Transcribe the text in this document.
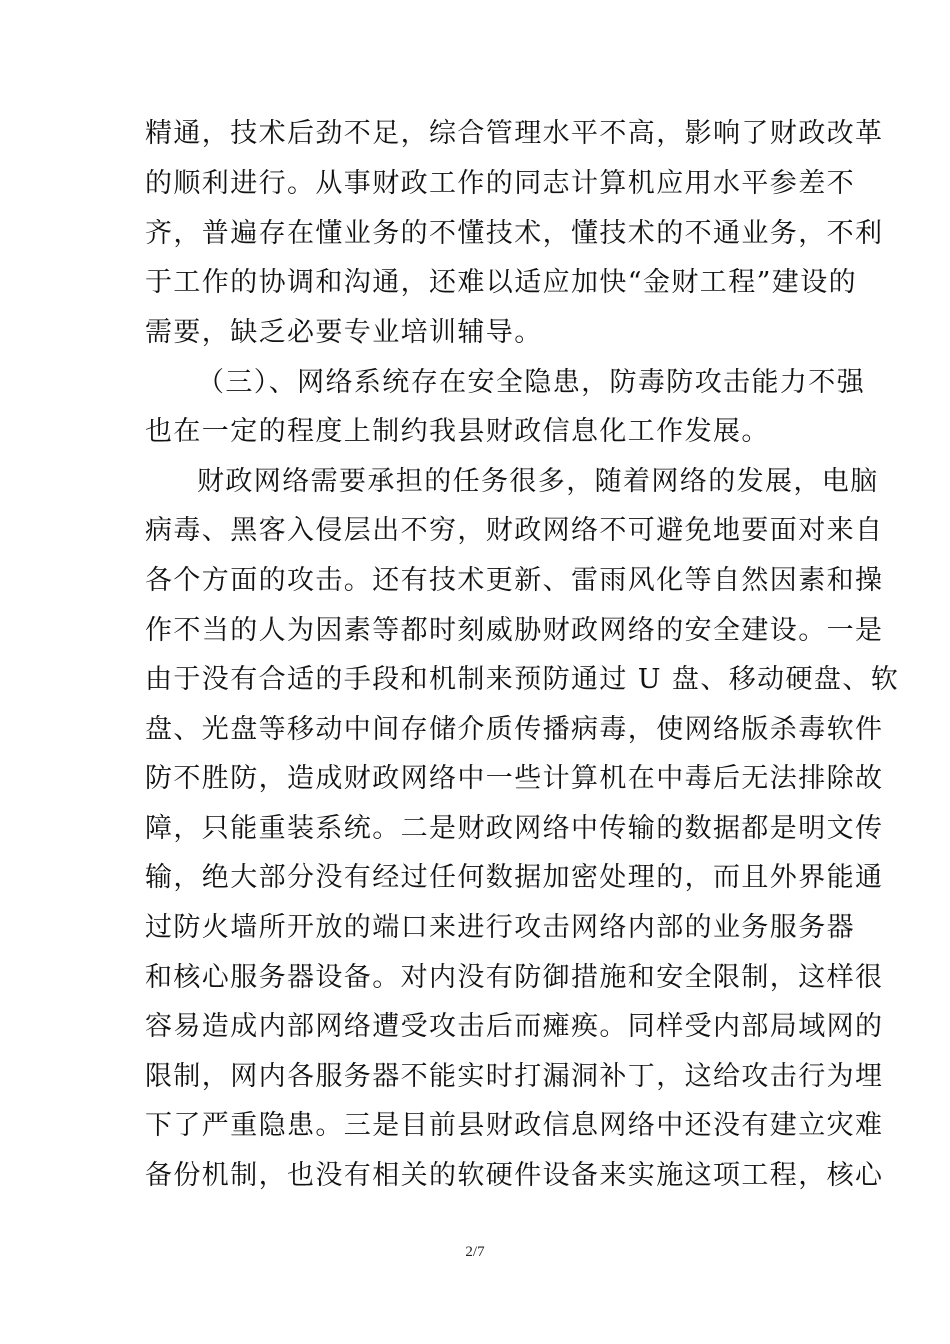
精通，技术后劲不足，综合管理水平不高，影响了财政改革
的顺利进行。从事财政工作的同志计算机应用水平参差不
齐，普遍存在懂业务的不懂技术，懂技术的不通业务，不利
于工作的协调和沟通，还难以适应加快“金财工程”建设的
需要，缺乏必要专业培训辅导。
（三）、网络系统存在安全隐患，防毒防攻击能力不强
也在一定的程度上制约我县财政信息化工作发展。
财政网络需要承担的任务很多，随着网络的发展，电脑
病毒、黑客入侵层出不穷，财政网络不可避免地要面对来自
各个方面的攻击。还有技术更新、雷雨风化等自然因素和操
作不当的人为因素等都时刻威胁财政网络的安全建设。一是
由于没有合适的手段和机制来预防通过 U 盘、移动硬盘、软
盘、光盘等移动中间存储介质传播病毒，使网络版杀毒软件
防不胜防，造成财政网络中一些计算机在中毒后无法排除故
障，只能重装系统。二是财政网络中传输的数据都是明文传
输，绝大部分没有经过任何数据加密处理的，而且外界能通
过防火墙所开放的端口来进行攻击网络内部的业务服务器
和核心服务器设备。对内没有防御措施和安全限制，这样很
容易造成内部网络遭受攻击后而瘫痪。同样受内部局域网的
限制，网内各服务器不能实时打漏洞补丁，这给攻击行为埋
下了严重隐患。三是目前县财政信息网络中还没有建立灾难
备份机制，也没有相关的软硬件设备来实施这项工程，核心
2/7
